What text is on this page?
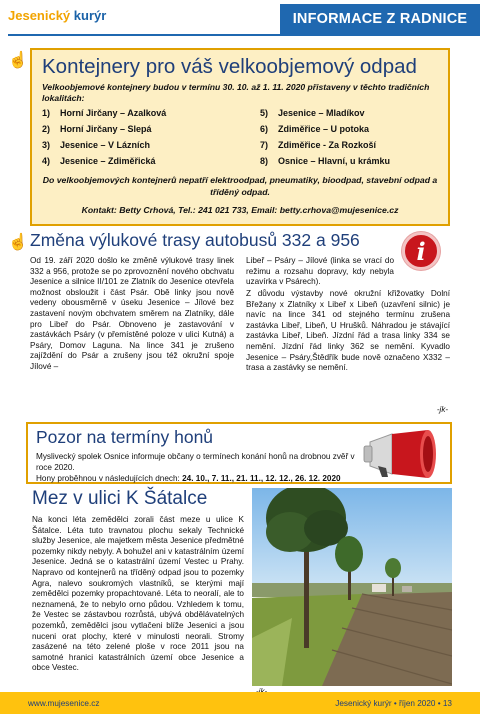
Jesenický kurýr	INFORMACE Z RADNICE
☝ Kontejnery pro váš velkoobjemový odpad

Velkoobjemové kontejnery budou v termínu 30. 10. až 1. 11. 2020 přistaveny v těchto tradičních lokalitách:

1) Horní Jirčany – Azalková
2) Horní Jirčany – Slepá
3) Jesenice – V Lázních
4) Jesenice – Zdiměřická
5) Jesenice – Mladíkov
6) Zdiměřice – U potoka
7) Zdiměřice - Za Rozkoší
8) Osnice – Hlavní, u krámku

Do velkoobjemových kontejnerů nepatří elektroodpad, pneumatiky, bioodpad, stavební odpad a tříděný odpad.

Kontakt: Betty Crhová, Tel.: 241 021 733, Email: betty.crhova@mujesenice.cz

☝ Změna výlukové trasy autobusů 332 a 956
Od 19. září 2020 došlo ke změně výlukové trasy linek 332 a 956, protože se po zprovoznění nového obchvatu Jesenice a silnice II/101 ze Zlatník do Jesenice otevřela možnost obsloužit i část Psár. Obě linky jsou nově vedeny obousměrně v úseku Jesenice – Jílové bez zastavení novým obchvatem směrem na Zlatníky, dále pro Libeř do Psár. Obnoveno je zastavování v zastávkách Psáry (v přemístěné poloze v ulici Kutná) a Psáry, Domov Laguna. Na lince 341 je zrušeno zajíždění do Psár a zrušeny jsou též okružní spoje Jílové –
Libeř – Psáry – Jílové (linka se vrací do režimu a rozsahu dopravy, kdy nebyla uzavírka v Psárech).
Z důvodu výstavby nové okružní křižovatky Dolní Břežany x Zlatníky x Libeř x Libeň (uzavření silnic) je navíc na lince 341 od stejného termínu zrušena zastávka Libeř, Libeň, U Hrušků. Náhradou je stávající zastávka Libeř, Libeň. Jízdní řád a trasa linky 334 se nemění. Jízdní řád linky 362 se nemění. Kyvadlo Jesenice – Psáry,Štědřík bude nově označeno X332 – trasa a zastávky se nemění.
i
-jk-
Pozor na termíny honů

Myslivecký spolek Osnice informuje občany o termínech konání honů na drobnou zvěř v roce 2020.

Hony proběhnou v následujících dnech: 24. 10., 7. 11., 21. 11., 12. 12., 26. 12. 2020

Mez v ulici K Šátalce
Na konci léta zemědělci zorali část meze u ulice K Šátalce. Léta tuto travnatou plochu sekaly Technické služby Jesenice, ale majetkem města Jesenice předmětné pozemky nikdy nebyly. A bohužel ani v katastrálním území Jesenice. Jedná se o katastrální území Vestec u Prahy. Napravo od kontejnerů na tříděný odpad jsou to pozemky Agra, nalevo soukromých vlastníků, se kterými mají zemědělci pozemky propachtované. Léta to neoralí, ale to neznamená, že to nebylo orno půdou. Vzhledem k tomu, že Vestec se zástavbou rozrůstá, ubývá obdělávatelných pozemků, zemědělci jsou vytlačeni blíže Jesenici a jsou nuceni orat plochy, které v minulosti neorali. Stromy zasázené na této zelené ploše v roce 2011 jsou na samotné hranici katastrálních území obce Jesenice a obce Vestec.
www.mujesenice.cz	Jesenický kurýr • říjen 2020 • 13
